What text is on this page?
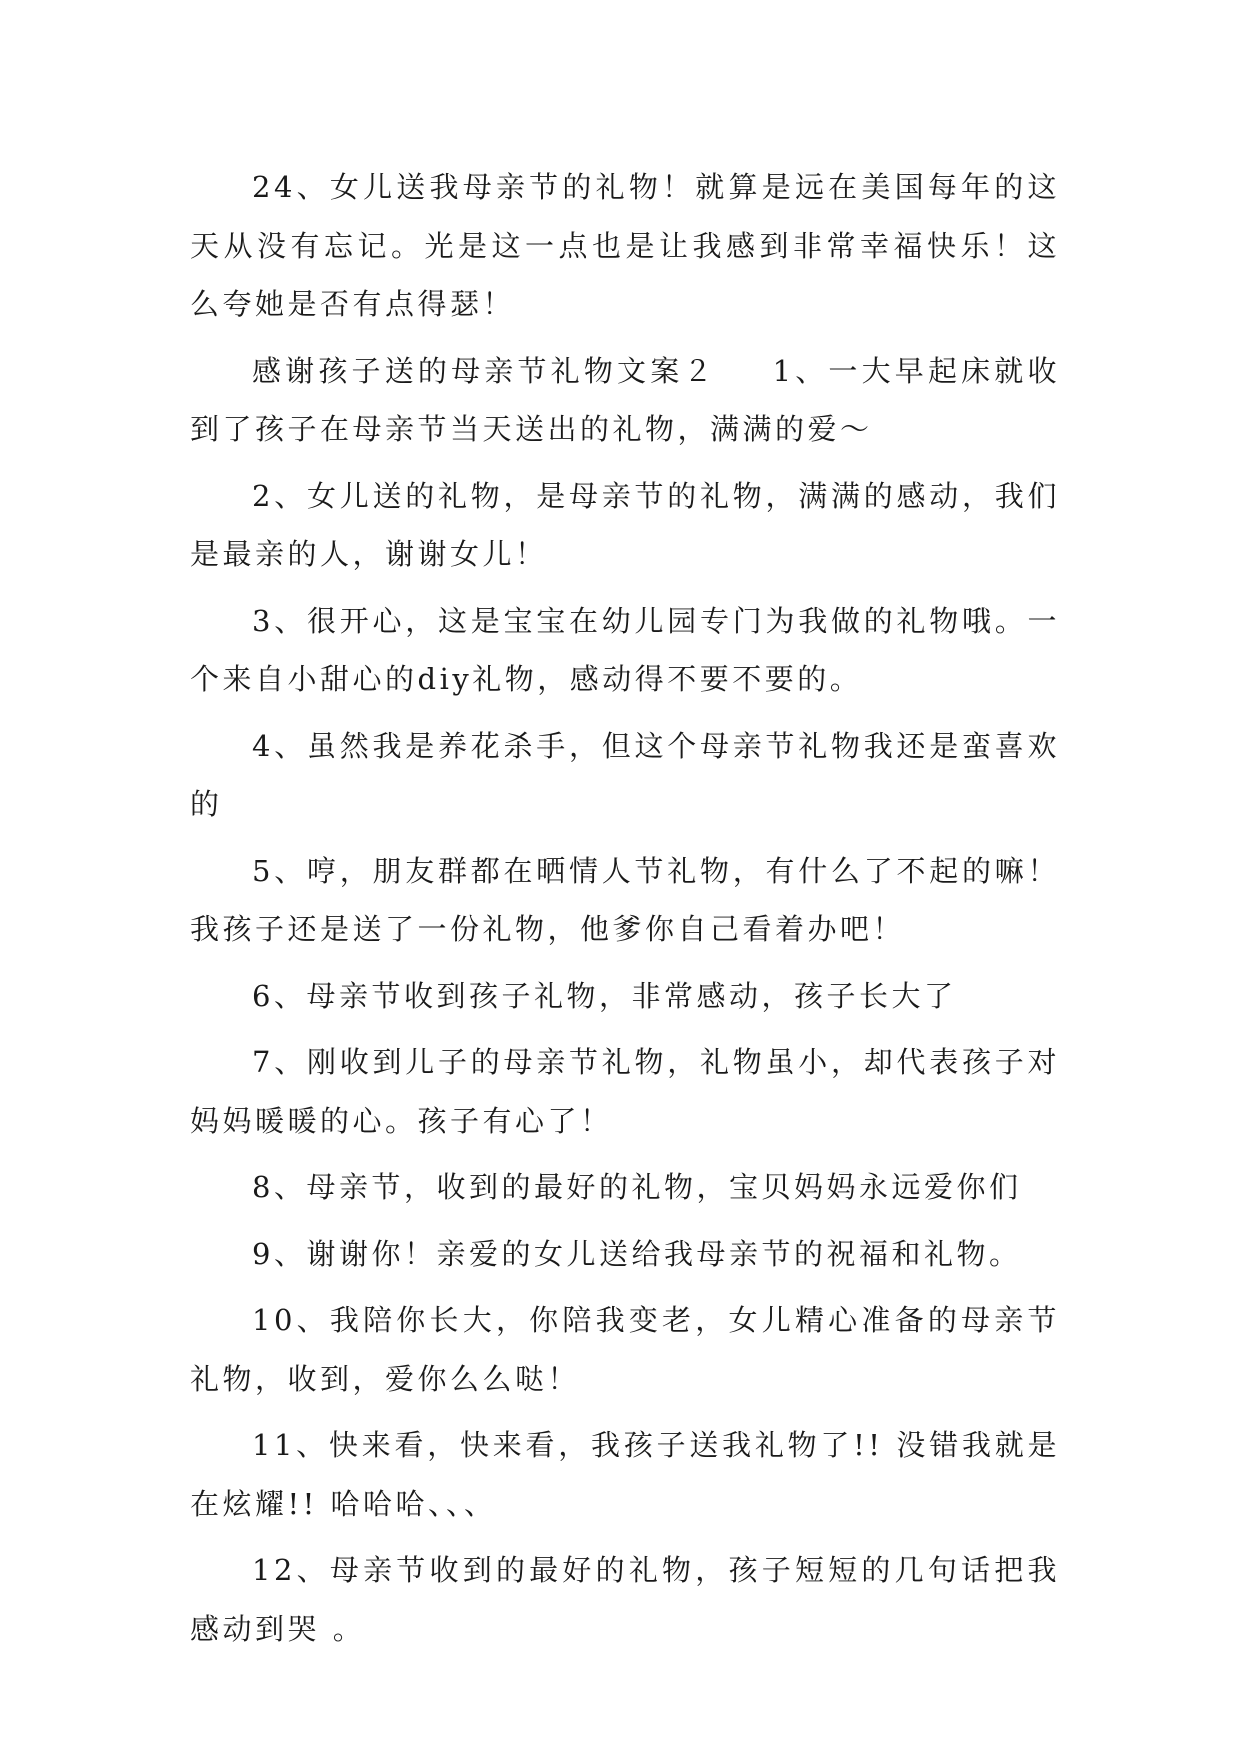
24、女儿送我母亲节的礼物！就算是远在美国每年的这天从没有忘记。光是这一点也是让我感到非常幸福快乐！这么夸她是否有点得瑟！

感谢孩子送的母亲节礼物文案２ 1、一大早起床就收到了孩子在母亲节当天送出的礼物，满满的爱～

2、女儿送的礼物，是母亲节的礼物，满满的感动，我们是最亲的人，谢谢女儿！

3、很开心，这是宝宝在幼儿园专门为我做的礼物哦。一个来自小甜心的diy礼物，感动得不要不要的。

4、虽然我是养花杀手，但这个母亲节礼物我还是蛮喜欢的

5、哼，朋友群都在晒情人节礼物，有什么了不起的嘛！我孩子还是送了一份礼物，他爹你自己看着办吧！

6、母亲节收到孩子礼物，非常感动，孩子长大了

7、刚收到儿子的母亲节礼物，礼物虽小，却代表孩子对妈妈暖暖的心。孩子有心了！

8、母亲节，收到的最好的礼物，宝贝妈妈永远爱你们

9、谢谢你！亲爱的女儿送给我母亲节的祝福和礼物。

10、我陪你长大，你陪我变老，女儿精心准备的母亲节礼物，收到，爱你么么哒！

11、快来看，快来看，我孩子送我礼物了!! 没错我就是在炫耀!! 哈哈哈、、、

12、母亲节收到的最好的礼物，孩子短短的几句话把我感动到哭 。
